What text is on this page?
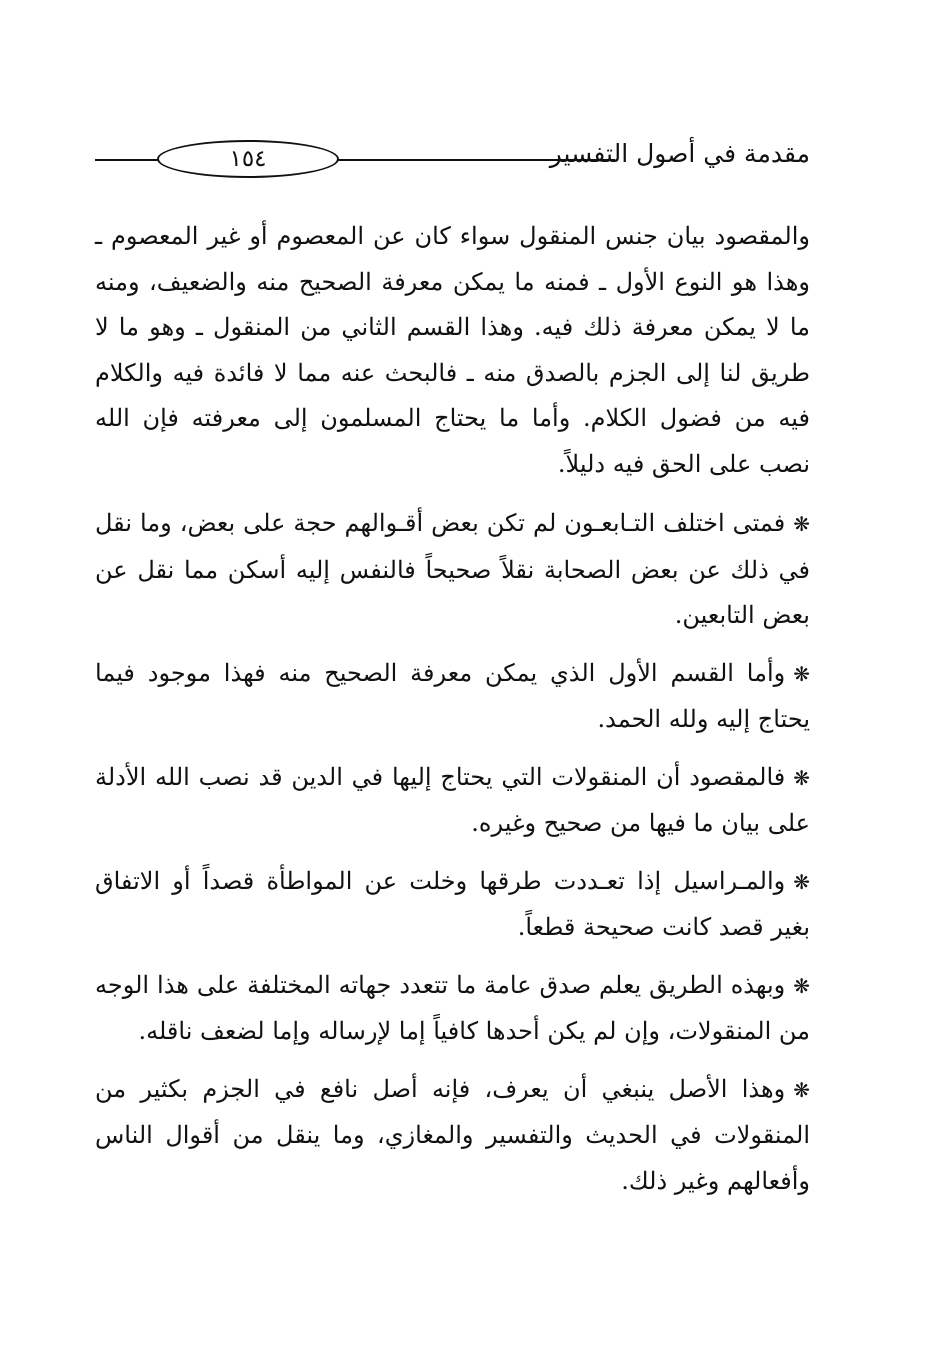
مقدمة في أصول التفسير
١٥٤

والمقصود بيان جنس المنقول سواء كان عن المعصوم أو غير المعصوم ـ وهذا هو النوع الأول ـ فمنه ما يمكن معرفة الصحيح منه والضعيف، ومنه ما لا يمكن معرفة ذلك فيه. وهذا القسم الثاني من المنقول ـ وهو ما لا طريق لنا إلى الجزم بالصدق منه ـ فالبحث عنه مما لا فائدة فيه والكلام فيه من فضول الكلام. وأما ما يحتاج المسلمون إلى معرفته فإن الله نصب على الحق فيه دليلاً.

❋فمتى اختلف التـابعـون لم تكن بعض أقـوالهم حجة على بعض، وما نقل في ذلك عن بعض الصحابة نقلاً صحيحاً فالنفس إليه أسكن مما نقل عن بعض التابعين.

❋وأما القسم الأول الذي يمكن معرفة الصحيح منه فهذا موجود فيما يحتاج إليه ولله الحمد.

❋فالمقصود أن المنقولات التي يحتاج إليها في الدين قد نصب الله الأدلة على بيان ما فيها من صحيح وغيره.

❋والمـراسيل إذا تعـددت طرقها وخلت عن المواطأة قصداً أو الاتفاق بغير قصد كانت صحيحة قطعاً.

❋وبهذه الطريق يعلم صدق عامة ما تتعدد جهاته المختلفة على هذا الوجه من المنقولات، وإن لم يكن أحدها كافياً إما لإرساله وإما لضعف ناقله.

❋وهذا الأصل ينبغي أن يعرف، فإنه أصل نافع في الجزم بكثير من المنقولات في الحديث والتفسير والمغازي، وما ينقل من أقوال الناس وأفعالهم وغير ذلك.
